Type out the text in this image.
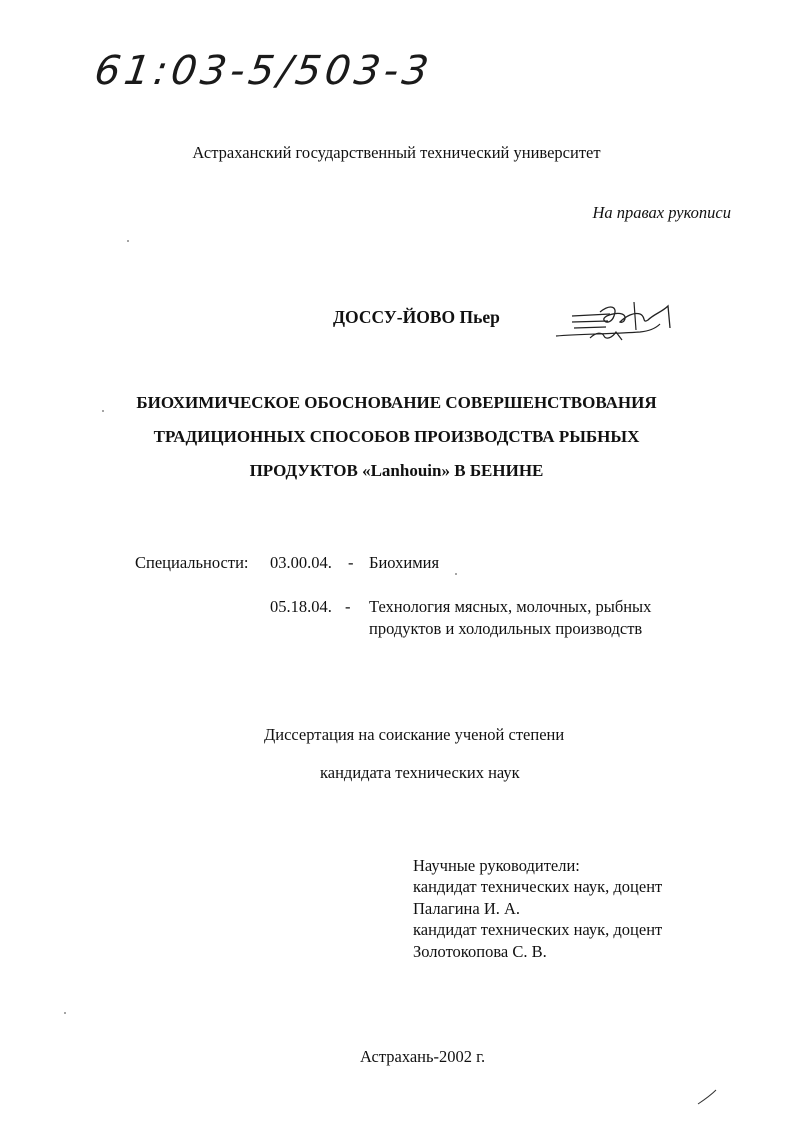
61:03-5/503-3
Астраханский государственный технический университет
На правах рукописи
ДОССУ-ЙОВО Пьер
БИОХИМИЧЕСКОЕ ОБОСНОВАНИЕ СОВЕРШЕНСТВОВАНИЯ
ТРАДИЦИОННЫХ СПОСОБОВ ПРОИЗВОДСТВА РЫБНЫХ
ПРОДУКТОВ «Lanhouin» В БЕНИНЕ
Специальности: 03.00.04. - Биохимия
05.18.04. - Технология мясных, молочных, рыбных
продуктов и холодильных производств
Диссертация на соискание ученой степени
кандидата технических наук
Научные руководители:
кандидат технических наук, доцент
Палагина И. А.
кандидат технических наук, доцент
Золотокопова С. В.
Астрахань-2002 г.
